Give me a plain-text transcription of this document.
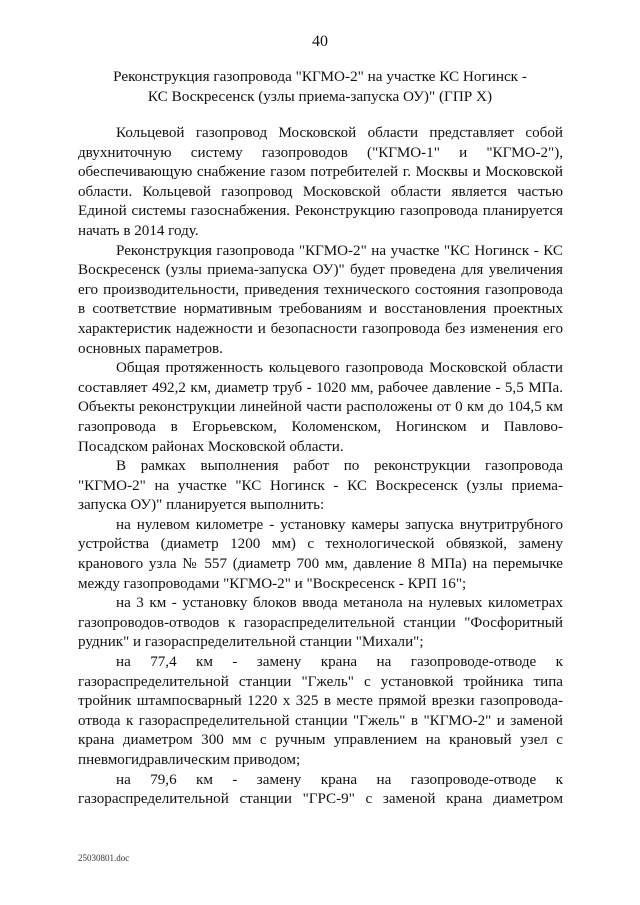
40
Реконструкция газопровода "КГМО-2" на участке КС Ногинск -
КС Воскресенск (узлы приема-запуска ОУ)" (ГПР Х)

Кольцевой газопровод Московской области представляет собой двухниточную систему газопроводов ("КГМО-1" и "КГМО-2"), обеспечивающую снабжение газом потребителей г. Москвы и Московской области. Кольцевой газопровод Московской области является частью Единой системы газоснабжения. Реконструкцию газопровода планируется начать в 2014 году.

Реконструкция газопровода "КГМО-2" на участке "КС Ногинск - КС Воскресенск (узлы приема-запуска ОУ)" будет проведена для увеличения его производительности, приведения технического состояния газопровода в соответствие нормативным требованиям и восстановления проектных характеристик надежности и безопасности газопровода без изменения его основных параметров.

Общая протяженность кольцевого газопровода Московской области составляет 492,2 км, диаметр труб - 1020 мм, рабочее давление - 5,5 МПа. Объекты реконструкции линейной части расположены от 0 км до 104,5 км газопровода в Егорьевском, Коломенском, Ногинском и Павлово-Посадском районах Московской области.

В рамках выполнения работ по реконструкции газопровода "КГМО-2" на участке "КС Ногинск - КС Воскресенск (узлы приема-запуска ОУ)" планируется выполнить:

на нулевом километре - установку камеры запуска внутритрубного устройства (диаметр 1200 мм) с технологической обвязкой, замену кранового узла № 557 (диаметр 700 мм, давление 8 МПа) на перемычке между газопроводами "КГМО-2" и "Воскресенск - КРП 16";

на 3 км - установку блоков ввода метанола на нулевых километрах газопроводов-отводов к газораспределительной станции "Фосфоритный рудник" и газораспределительной станции "Михали";

на 77,4 км - замену крана на газопроводе-отводе к газораспределительной станции "Гжель" с установкой тройника типа тройник штампосварный 1220 х 325 в месте прямой врезки газопровода-отвода к газораспределительной станции "Гжель" в "КГМО-2" и заменой крана диаметром 300 мм с ручным управлением на крановый узел с пневмогидравлическим приводом;

на 79,6 км - замену крана на газопроводе-отводе к газораспределительной станции "ГРС-9" с заменой крана диаметром

25030801.doc
